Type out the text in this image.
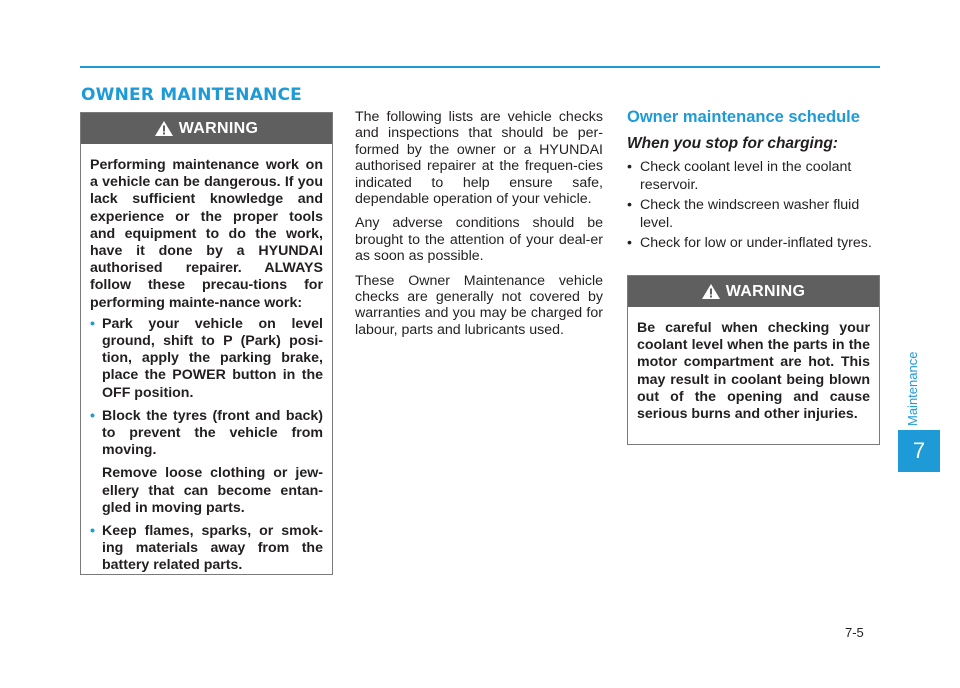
OWNER MAINTENANCE
WARNING

Performing maintenance work on a vehicle can be dangerous. If you lack sufficient knowledge and experience or the proper tools and equipment to do the work, have it done by a HYUNDAI authorised repairer. ALWAYS follow these precau-tions for performing mainte-nance work:

• Park your vehicle on level ground, shift to P (Park) posi-tion, apply the parking brake, place the POWER button in the OFF position.
• Block the tyres (front and back) to prevent the vehicle from moving.

Remove loose clothing or jew-ellery that can become entan-gled in moving parts.

• Keep flames, sparks, or smok-ing materials away from the battery related parts.

The following lists are vehicle checks and inspections that should be per-formed by the owner or a HYUNDAI authorised repairer at the frequen-cies indicated to help ensure safe, dependable operation of your vehicle.

Any adverse conditions should be brought to the attention of your deal-er as soon as possible.

These Owner Maintenance vehicle checks are generally not covered by warranties and you may be charged for labour, parts and lubricants used.

Owner maintenance schedule
When you stop for charging:
• Check coolant level in the coolant reservoir.
• Check the windscreen washer fluid level.
• Check for low or under-inflated tyres.
WARNING

Be careful when checking your coolant level when the parts in the motor compartment are hot. This may result in coolant being blown out of the opening and cause serious burns and other injuries.	Maintenance
7
7-5
